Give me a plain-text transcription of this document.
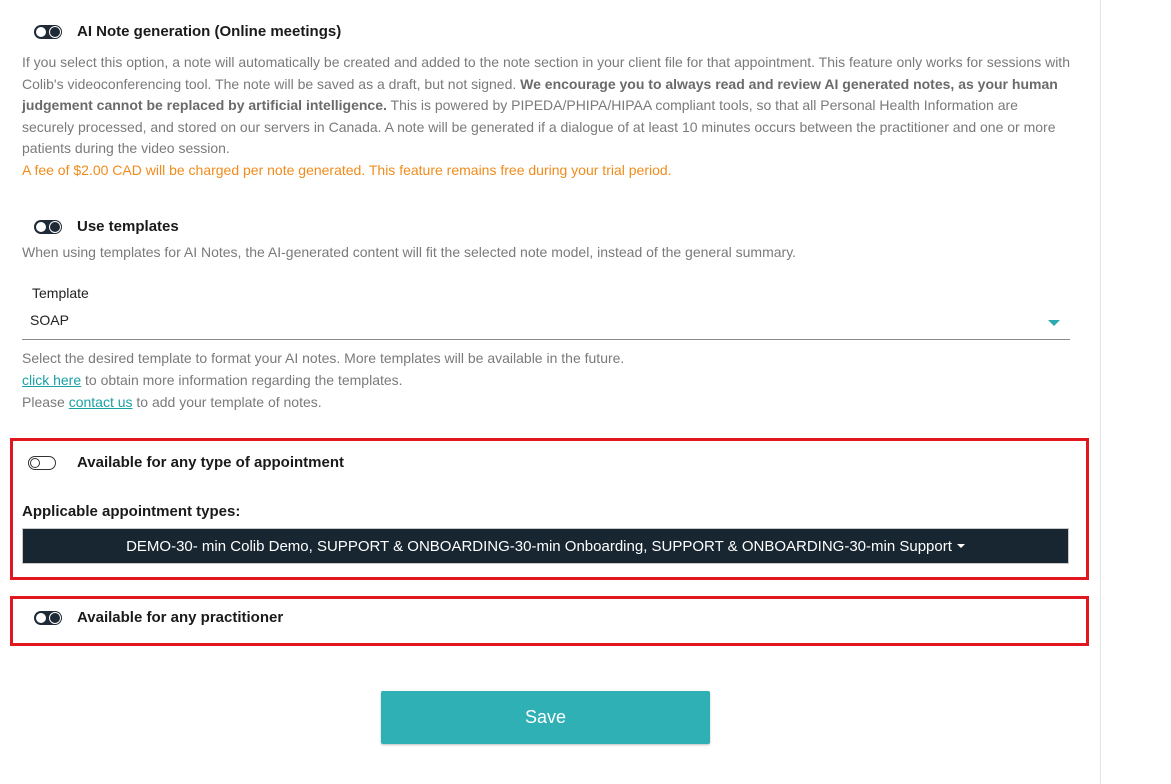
AI Note generation (Online meetings)
If you select this option, a note will automatically be created and added to the note section in your client file for that appointment. This feature only works for sessions with Colib's videoconferencing tool. The note will be saved as a draft, but not signed. We encourage you to always read and review AI generated notes, as your human judgement cannot be replaced by artificial intelligence. This is powered by PIPEDA/PHIPA/HIPAA compliant tools, so that all Personal Health Information are securely processed, and stored on our servers in Canada. A note will be generated if a dialogue of at least 10 minutes occurs between the practitioner and one or more patients during the video session.
A fee of $2.00 CAD will be charged per note generated. This feature remains free during your trial period.
Use templates
When using templates for AI Notes, the AI-generated content will fit the selected note model, instead of the general summary.
Template
SOAP
Select the desired template to format your AI notes. More templates will be available in the future.
click here to obtain more information regarding the templates.
Please contact us to add your template of notes.
Available for any type of appointment
Applicable appointment types:
DEMO-30- min Colib Demo, SUPPORT & ONBOARDING-30-min Onboarding, SUPPORT & ONBOARDING-30-min Support
Available for any practitioner
Save
